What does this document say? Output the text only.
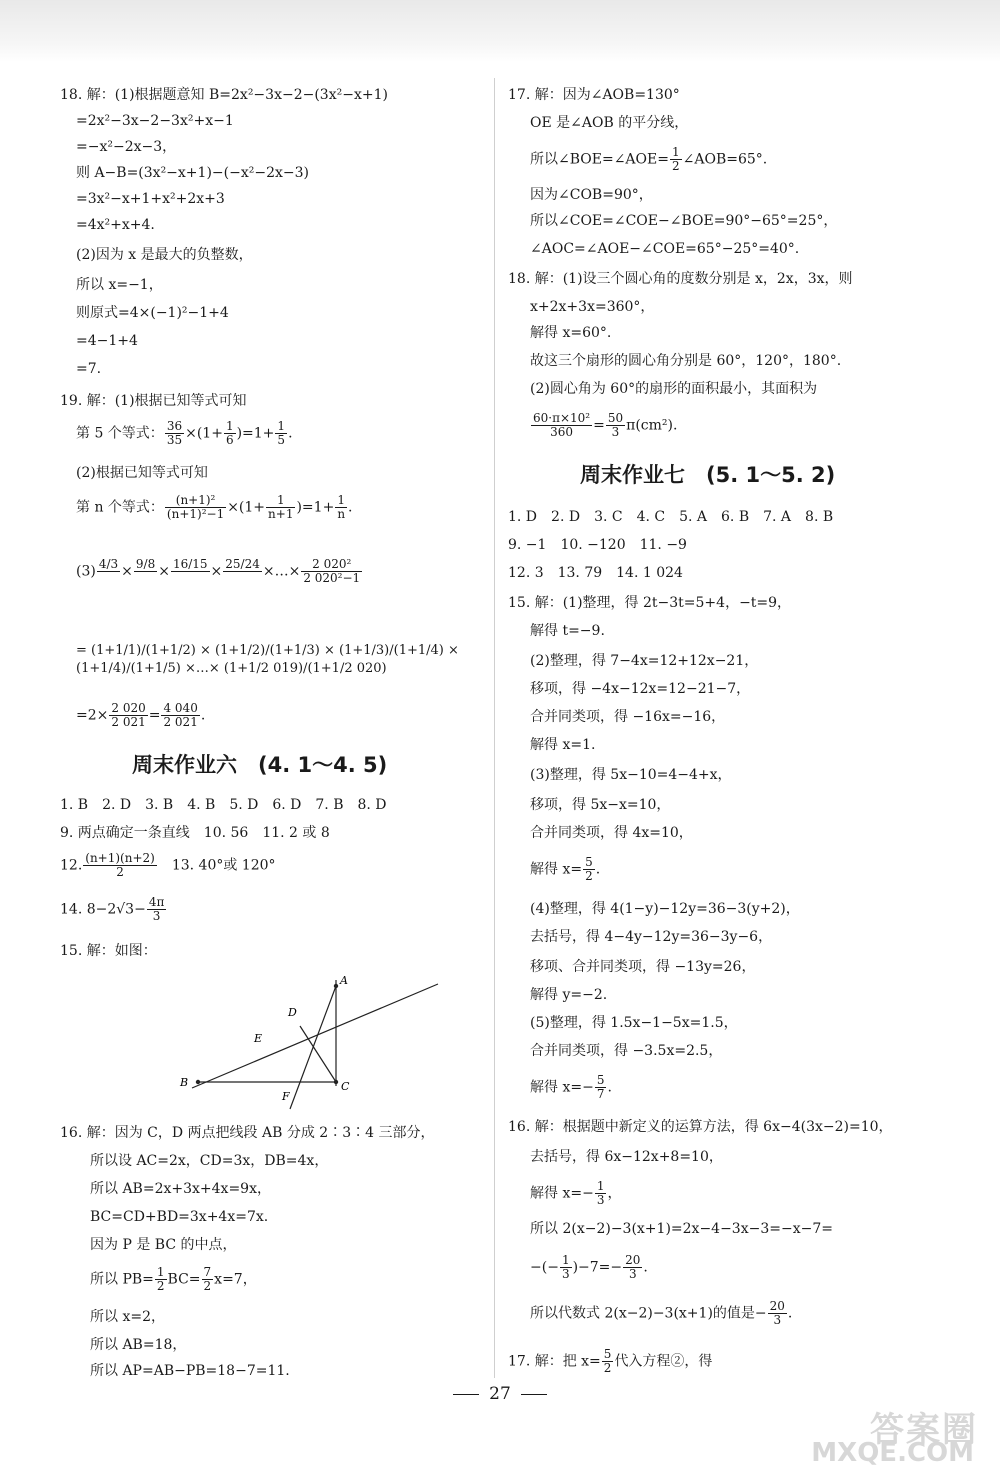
18. 解：(1)根据题意知 B=2x²−3x−2−(3x²−x+1)
=2x²−3x−2−3x²+x−1
=−x²−2x−3，
则 A−B=(3x²−x+1)−(−x²−2x−3)
=3x²−x+1+x²+2x+3
=4x²+x+4.
(2)因为 x 是最大的负整数，
所以 x=−1，
则原式=4×(−1)²−1+4
=4−1+4
=7.
19. 解：(1)根据已知等式可知
第 5 个等式： $\frac{36}{35} \times(1+ \frac{1}{6} )=1+ \frac{1}{5}$ .
(2)根据已知等式可知
第 n 个等式： $\frac{\text{(n+1)²}}{\text{(n+1)²−1}} \times(1+ \frac{1}{n+1} )=1+ \frac{1}{n}$ .
(3) 4/3 × 9/8 × 16/15 × 25/24 ×…× $\frac{\text{2 020²}}{\text{2 020²−1}}$
= (1+1/1)/(1+1/2) × (1+1/2)/(1+1/3) × (1+1/3)/(1+1/4) × (1+1/4)/(1+1/5) ×…× (1+1/2 019)/(1+1/2 020)
$=2\times \frac{2 020}{2 021} = \frac{4 040}{2 021}$ .
周末作业六　(4. 1～4. 5)
1. B　2. D　3. B　4. B　5. D　6. D　7. B　8. D
9. 两点确定一条直线　10. 56　11. 2 或 8
12. $\frac{(n+1)(n+2)}{2}$ 　13. 40°或 120°
14. $8-2√3- \frac{4\pi}{3}$
15. 解：如图：
A
D
E
B
F
C
16. 解：因为 C，D 两点把线段 AB 分成 2∶3∶4 三部分，
所以设 AC=2x，CD=3x，DB=4x，
所以 AB=2x+3x+4x=9x，
BC=CD+BD=3x+4x=7x.
因为 P 是 BC 的中点，
所以 $PB= \frac{1}{2} BC= \frac{7}{2} x=7$，
所以 x=2，
所以 AB=18，
所以 AP=AB−PB=18−7=11.
17. 解：因为∠AOB=130°
OE 是∠AOB 的平分线，
所以∠BOE=∠AOE= $\frac{1}{2}$ ∠AOB=65°.
因为∠COB=90°，
所以∠COE=∠COE−∠BOE=90°−65°=25°，
∠AOC=∠AOE−∠COE=65°−25°=40°.
18. 解：(1)设三个圆心角的度数分别是 x，2x，3x，则
x+2x+3x=360°，
解得 x=60°.
故这三个扇形的圆心角分别是 60°，120°，180°.
(2)圆心角为 60°的扇形的面积最小，其面积为
$\frac{\text{60·π×10²}}{360} = \frac{50}{3} \pi(cm^2)$.
周末作业七　(5. 1～5. 2)
1. D　2. D　3. C　4. C　5. A　6. B　7. A　8. B
9. −1　10. −120　11. −9
12. 3　13. 79　14. 1 024
15. 解：(1)整理，得 2t−3t=5+4，−t=9，
解得 t=−9.
(2)整理，得 7−4x=12+12x−21，
移项，得 −4x−12x=12−21−7，
合并同类项，得 −16x=−16，
解得 x=1.
(3)整理，得 5x−10=4−4+x，
移项，得 5x−x=10，
合并同类项，得 4x=10，
解得 $x= \frac{5}{2}$ .
(4)整理，得 4(1−y)−12y=36−3(y+2)，
去括号，得 4−4y−12y=36−3y−6，
移项、合并同类项，得 −13y=26，
解得 y=−2.
(5)整理，得 1.5x−1−5x=1.5，
合并同类项，得 −3.5x=2.5，
解得 $x=- \frac{5}{7}$ .
16. 解：根据题中新定义的运算方法，得 6x−4(3x−2)=10，
去括号，得 6x−12x+8=10，
解得 $x=- \frac{1}{3}$ ，
所以 2(x−2)−3(x+1)=2x−4−3x−3=−x−7=
−(− $\frac{1}{3} )-7=- \frac{20}{3}$ .
所以代数式 2(x−2)−3(x+1)的值是− $\frac{20}{3}$ .
17. 解：把 $x= \frac{5}{2}$ 代入方程②，得
27
答案圈
MXQE.COM
